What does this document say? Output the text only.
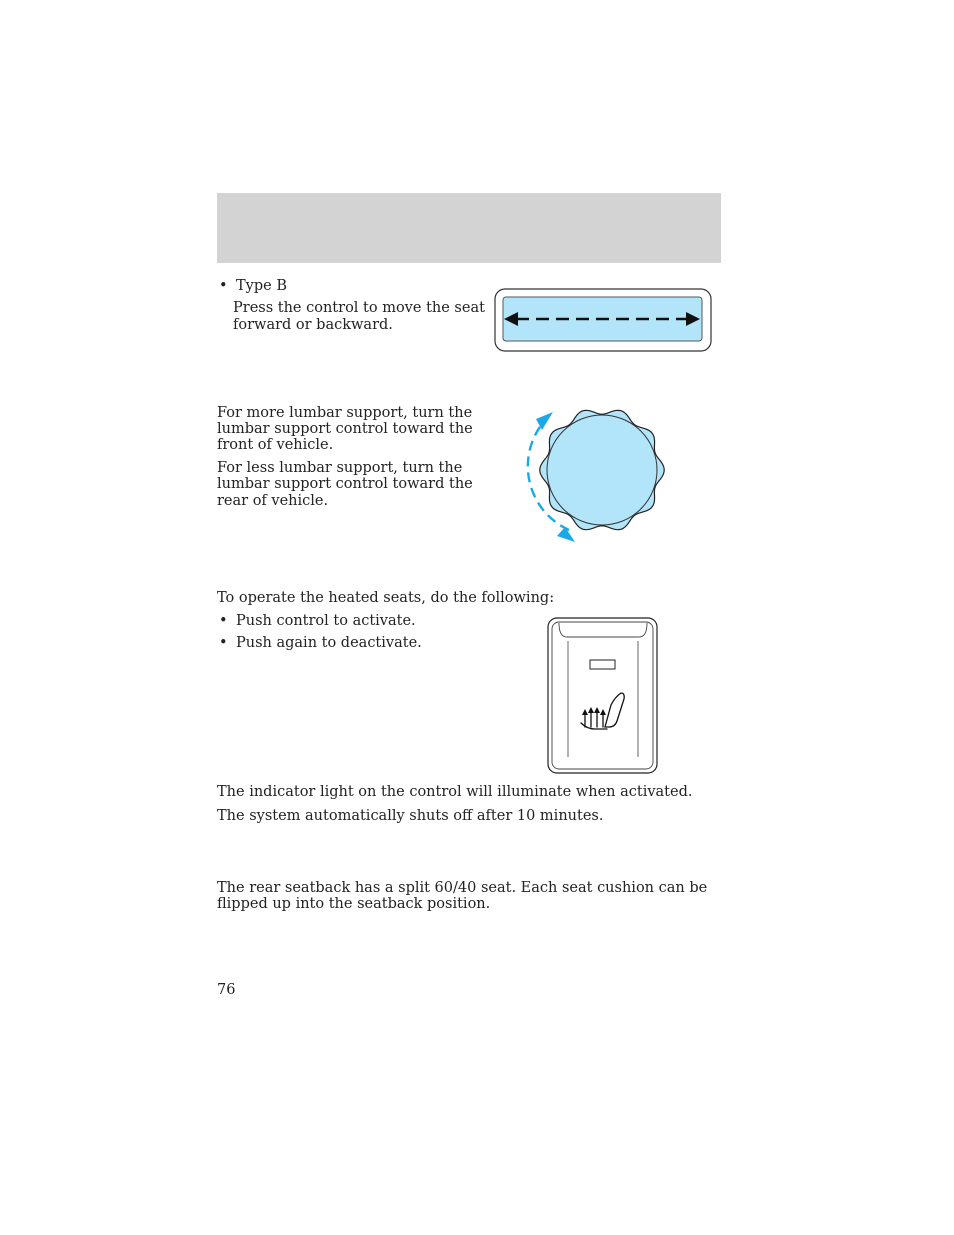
• Type B

Press the control to move the seat

forward or backward.

For more lumbar support, turn the

lumbar support control toward the

front of vehicle.

For less lumbar support, turn the

lumbar support control toward the

rear of vehicle.

To operate the heated seats, do the following:

• Push control to activate.
• Push again to deactivate.

The indicator light on the control will illuminate when activated.

The system automatically shuts off after 10 minutes.

The rear seatback has a split 60/40 seat. Each seat cushion can be

flipped up into the seatback position.

76
